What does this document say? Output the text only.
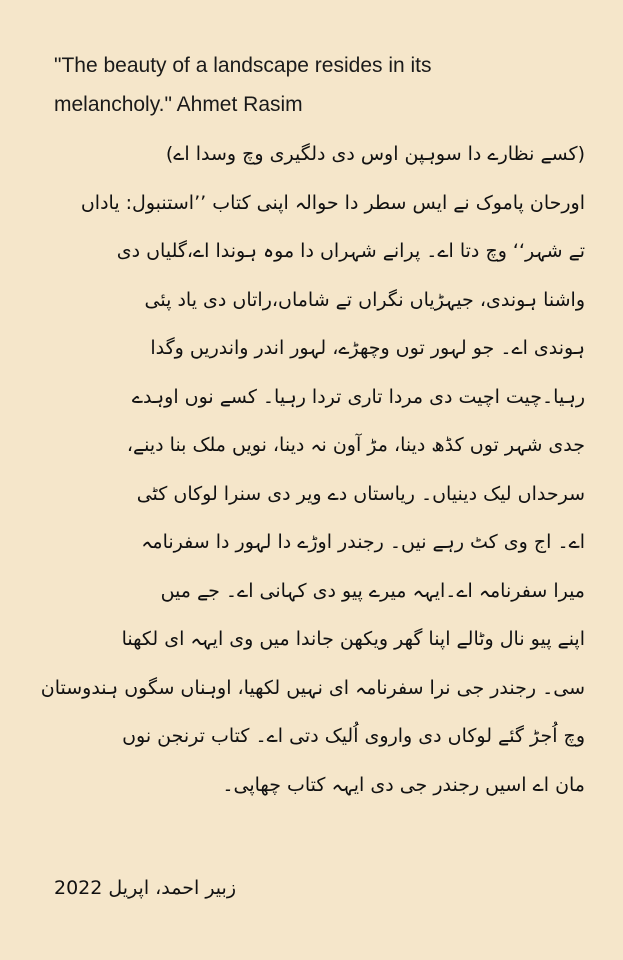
"The beauty of a landscape resides in its
melancholy." Ahmet Rasim

(کسے نظارے دا سوہپن اوس دی دلگیری وچ وسدا اے)
اورحان پاموک نے ایس سطر دا حوالہ اپنی کتاب ’’استنبول: یاداں
تے شہر‘‘ وچ دتا اے۔ پرانے شہراں دا موہ ہوندا اے،گلیاں دی
واشنا ہوندی، جیہڑیاں نگراں تے شاماں،راتاں دی یاد پئی
ہوندی اے۔ جو لہور توں وچھڑے، لہور اندر واندریں وگدا
رہیا۔چیت اچیت دی مردا تاری تردا رہیا۔ کسے نوں اوہدے
جدی شہر توں کڈھ دینا، مڑ آون نہ دینا، نویں ملک بنا دینے،
سرحداں لیک دینیاں۔ ریاستاں دے ویر دی سنرا لوکاں کٹی
اے۔ اج وی کٹ رہے نیں۔ رجندر اوڑے دا لہور دا سفرنامہ
میرا سفرنامہ اے۔ایہہ میرے پیو دی کہانی اے۔ جے میں
اپنے پیو نال وٹالے اپنا گھر ویکھن جاندا میں وی ایہہ ای لکھنا
سی۔ رجندر جی نرا سفرنامہ ای نہیں لکھیا، اوہناں سگوں ہندوستان
وچ اُجڑ گئے لوکاں دی واروی اُلیک دتی اے۔ کتاب ترنجن نوں
مان اے اسیں رجندر جی دی ایہہ کتاب چھاپی۔
زبیر احمد، اپریل 2022
